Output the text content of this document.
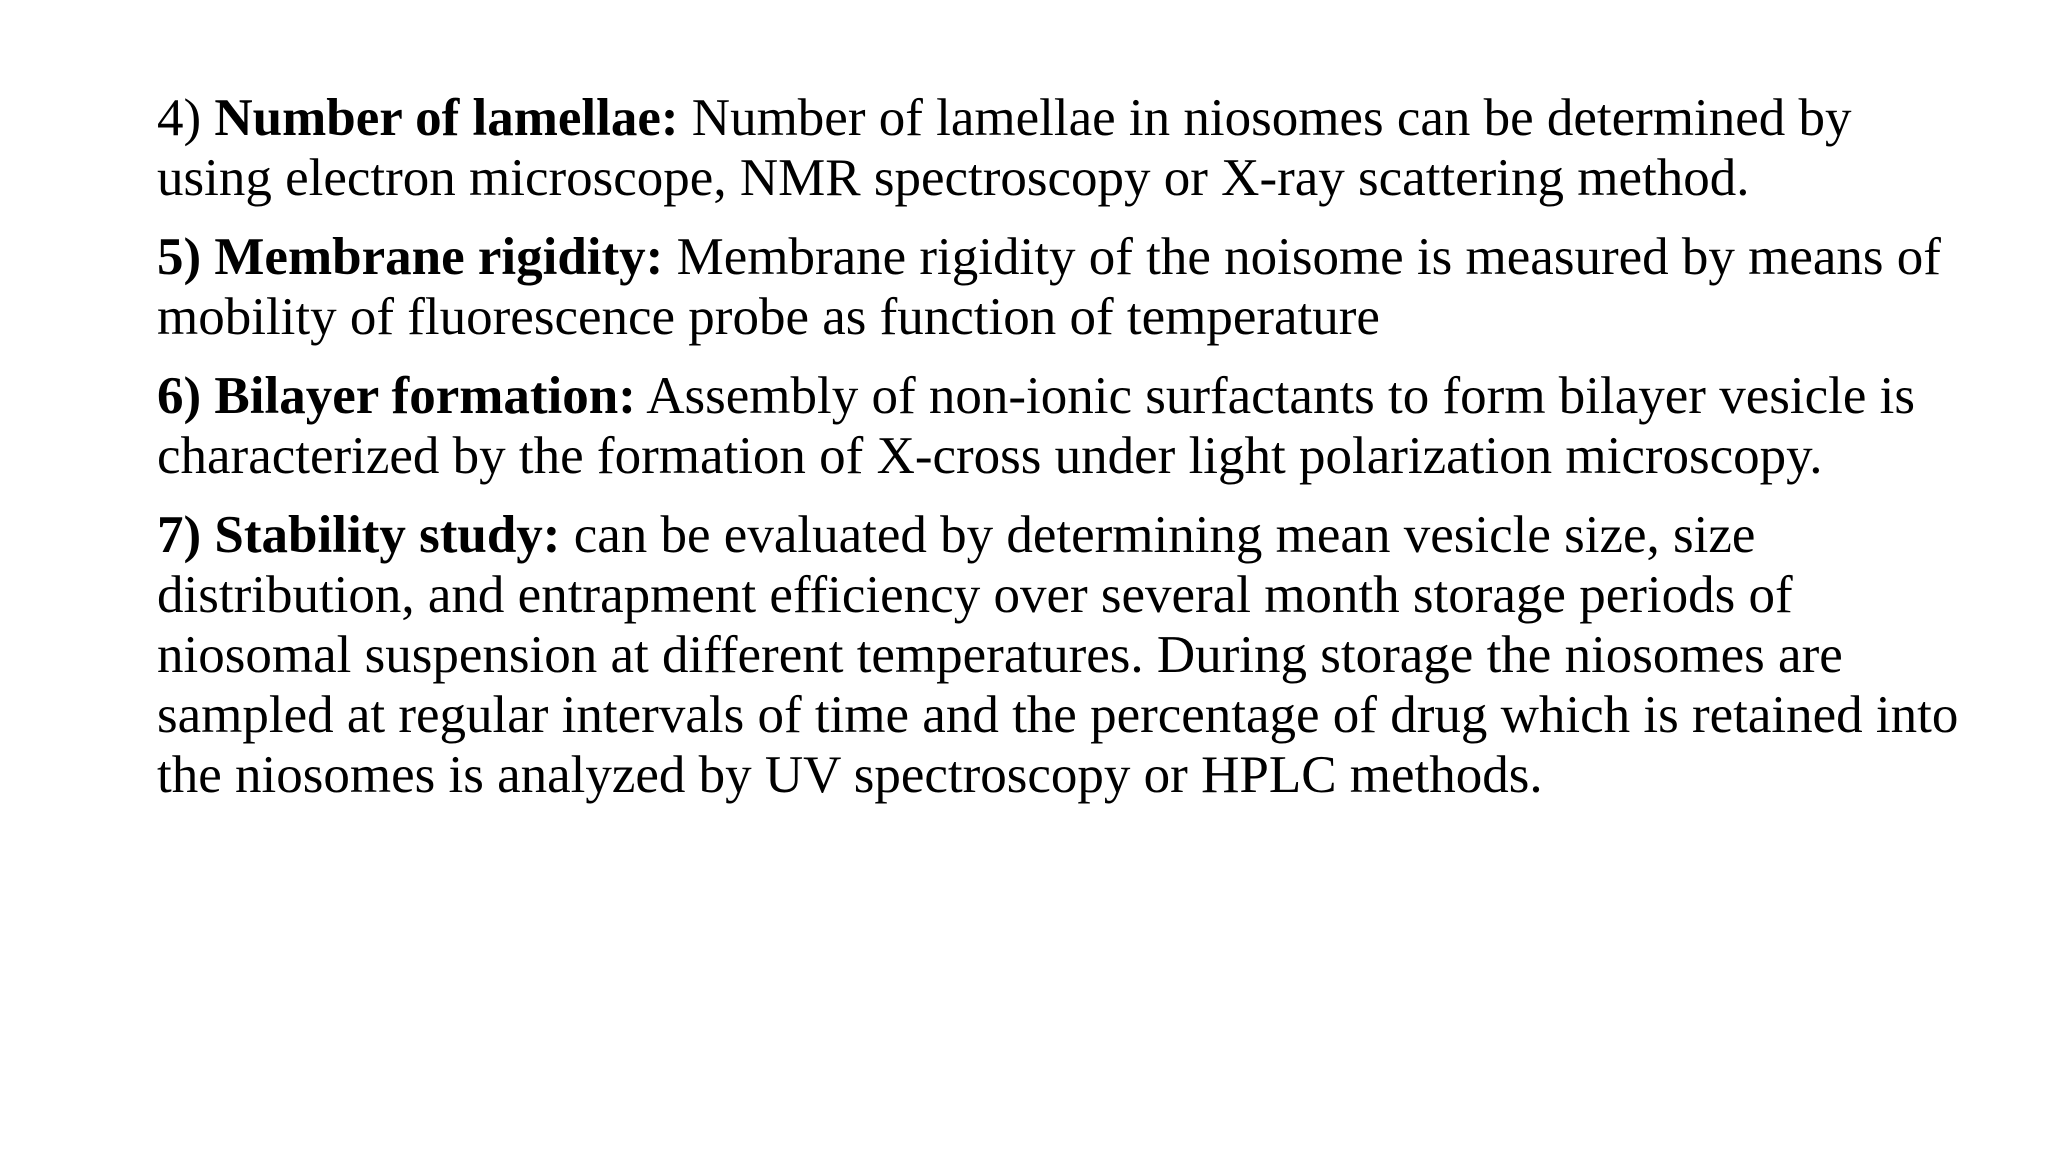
4) Number of lamellae: Number of lamellae in niosomes can be determined by using electron microscope, NMR spectroscopy or X-ray scattering method.

5) Membrane rigidity: Membrane rigidity of the noisome is measured by means of mobility of fluorescence probe as function of temperature

6) Bilayer formation: Assembly of non-ionic surfactants to form bilayer vesicle is characterized by the formation of X-cross under light polarization microscopy.

7) Stability study: can be evaluated by determining mean vesicle size, size distribution, and entrapment efficiency over several month storage periods of niosomal suspension at different temperatures. During storage the niosomes are sampled at regular intervals of time and the percentage of drug which is retained into the niosomes is analyzed by UV spectroscopy or HPLC methods.
